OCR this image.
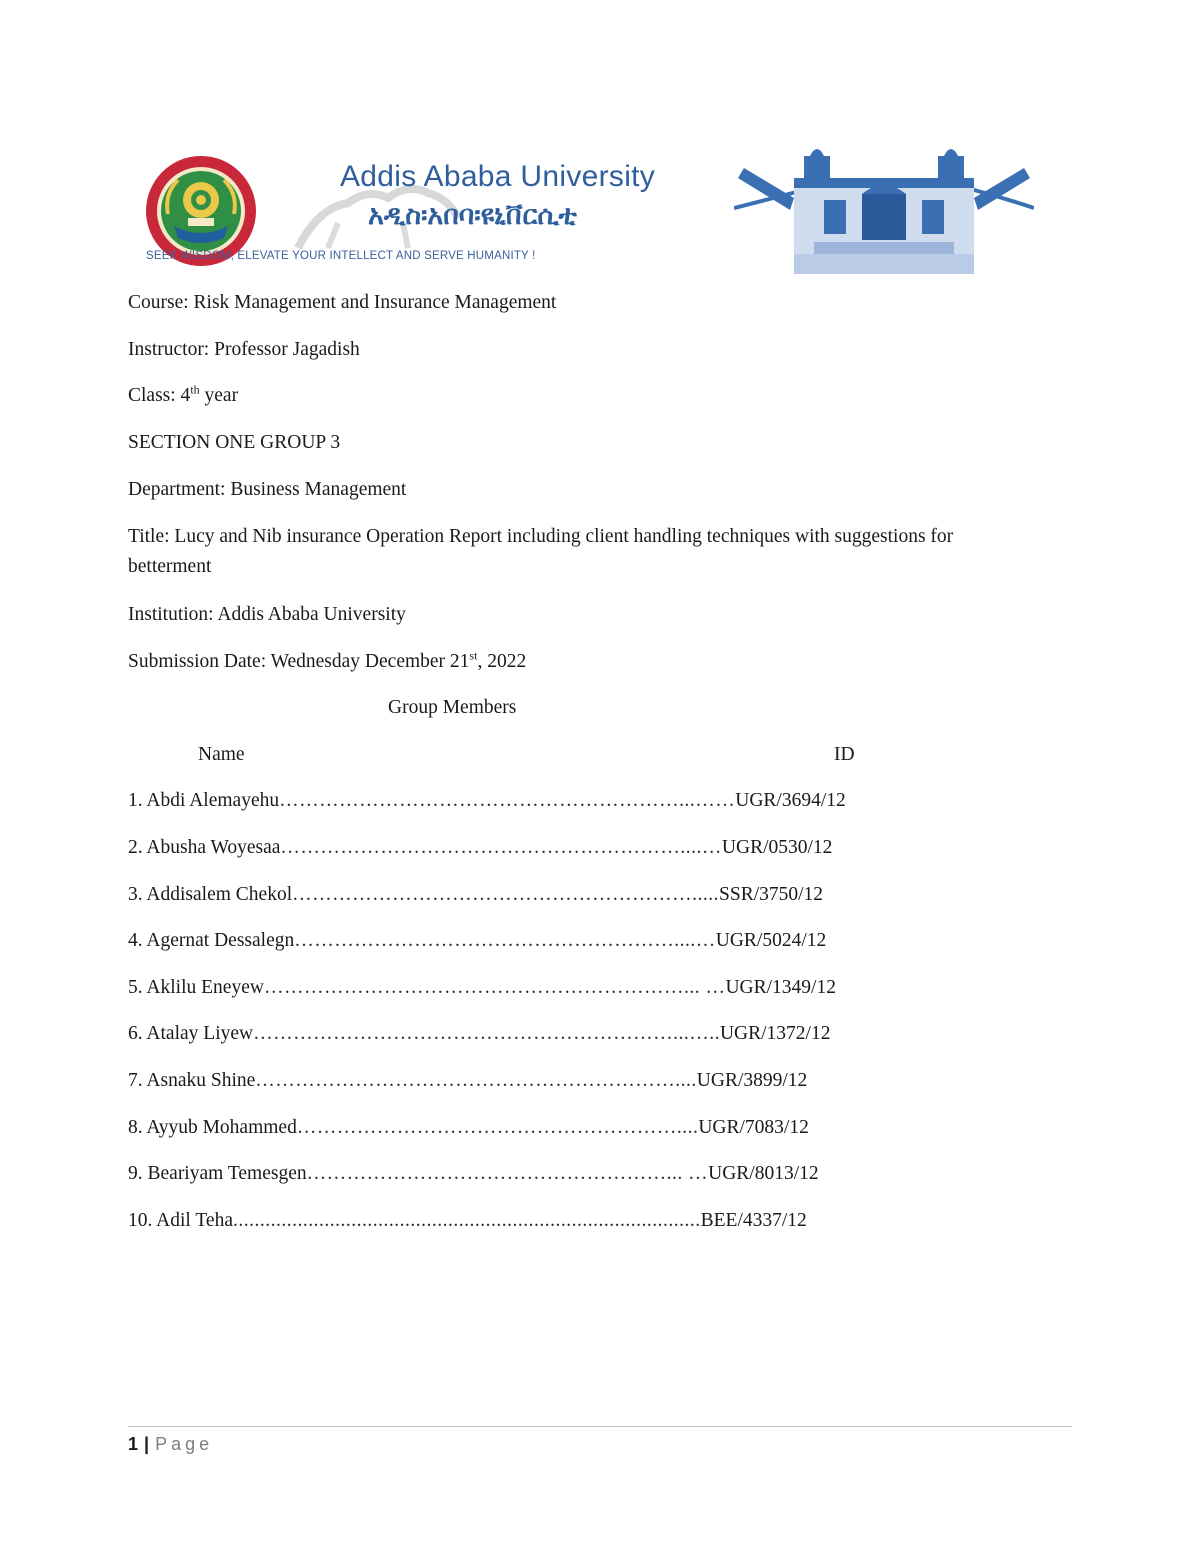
Addis Ababa University
አዲስ፡አበባ፡ዩኒቨርሲቲ
SEEK WISDOM, ELEVATE YOUR INTELLECT AND SERVE HUMANITY !
Course: Risk Management and Insurance Management
Instructor: Professor Jagadish
Class: 4th year
SECTION ONE GROUP 3
Department: Business Management
Title: Lucy and Nib insurance Operation Report including client handling techniques with suggestions for betterment
Institution: Addis Ababa University
Submission Date: Wednesday December 21st, 2022
Group Members
Name	ID
1. Abdi Alemayehu……………………………………………………...……UGR/3694/12
2. Abusha Woyesaa……………………………………………………....…UGR/0530/12
3. Addisalem Chekol…………………………………………………….....SSR/3750/12
4. Agernat Dessalegn…………………………………………………....…UGR/5024/12
5. Aklilu Eneyew………………………………………………………... …UGR/1349/12
6. Atalay Liyew………………………………………………………...…..UGR/1372/12
7. Asnaku Shine………………………………………………………....UGR/3899/12
8. Ayyub Mohammed…………………………………………………....UGR/7083/12
9. Beariyam Temesgen………………………………………………... …UGR/8013/12
10. Adil Teha.......................................................................................BEE/4337/12
1 | Page
